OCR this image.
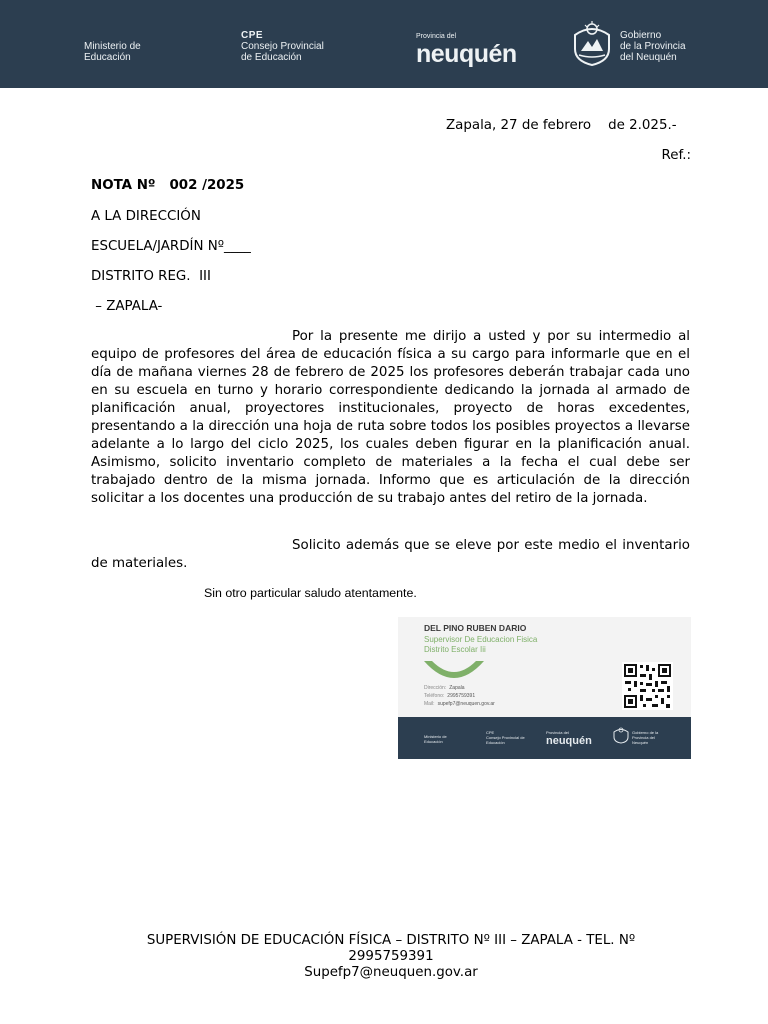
Ministerio de
Educación
CPE
Consejo Provincial
de Educación
Provincia del
neuquén
Gobierno
de la Provincia
del Neuquén
Zapala, 27 de febrero    de 2.025.-
Ref.:
NOTA Nº   002 /2025
A LA DIRECCIÓN
ESCUELA/JARDÍN Nº____
DISTRITO REG.  III
– ZAPALA-
Por la presente me dirijo a usted y por su intermedio al equipo de profesores del área de educación física a su cargo para informarle que en el día de mañana viernes 28 de febrero de 2025 los profesores deberán trabajar cada uno en su escuela en turno y horario correspondiente dedicando la jornada al armado de planificación anual, proyectores institucionales, proyecto de horas excedentes, presentando a la dirección una hoja de ruta sobre todos los posibles proyectos a llevarse adelante a lo largo del ciclo 2025, los cuales deben figurar en la planificación anual. Asimismo, solicito inventario completo de materiales a la fecha el cual debe ser trabajado dentro de la misma jornada. Informo que es articulación de la dirección solicitar a los docentes una producción de su trabajo antes del retiro de la jornada.
Solicito además que se eleve por este medio el inventario de materiales.
Sin otro particular saludo atentamente.
DEL PINO RUBEN DARIO
Supervisor De Educacion Fisica
Distrito Escolar Iii
Dirección: Zapala
Teléfono: 2995759391
Mail: supefp7@neuquen.gov.ar
Ministerio de Educación
CPE
Consejo Provincial de Educación
Provincia del
neuquén
Gobierno de la Provincia del Neuquén
SUPERVISIÓN DE EDUCACIÓN FÍSICA – DISTRITO Nº III – ZAPALA - TEL. Nº 2995759391
Supefp7@neuquen.gov.ar
